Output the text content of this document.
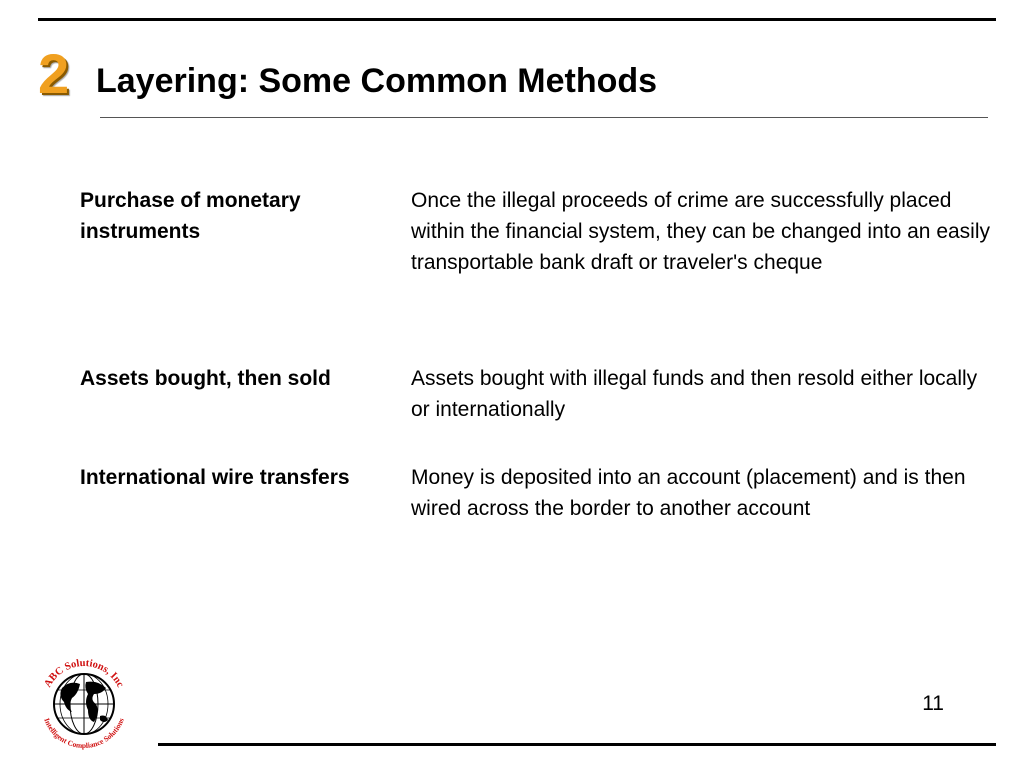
2 Layering: Some Common Methods
Purchase of monetary instruments
Once the illegal proceeds of crime are successfully placed within the financial system, they can be changed into an easily transportable bank draft or traveler's cheque
Assets bought, then sold	Assets bought with illegal funds and then resold either locally or internationally
International wire transfers	Money is deposited into an account (placement) and is then wired across the border to another account
ABC Solutions, Inc
Intelligent Compliance Solutions
11
